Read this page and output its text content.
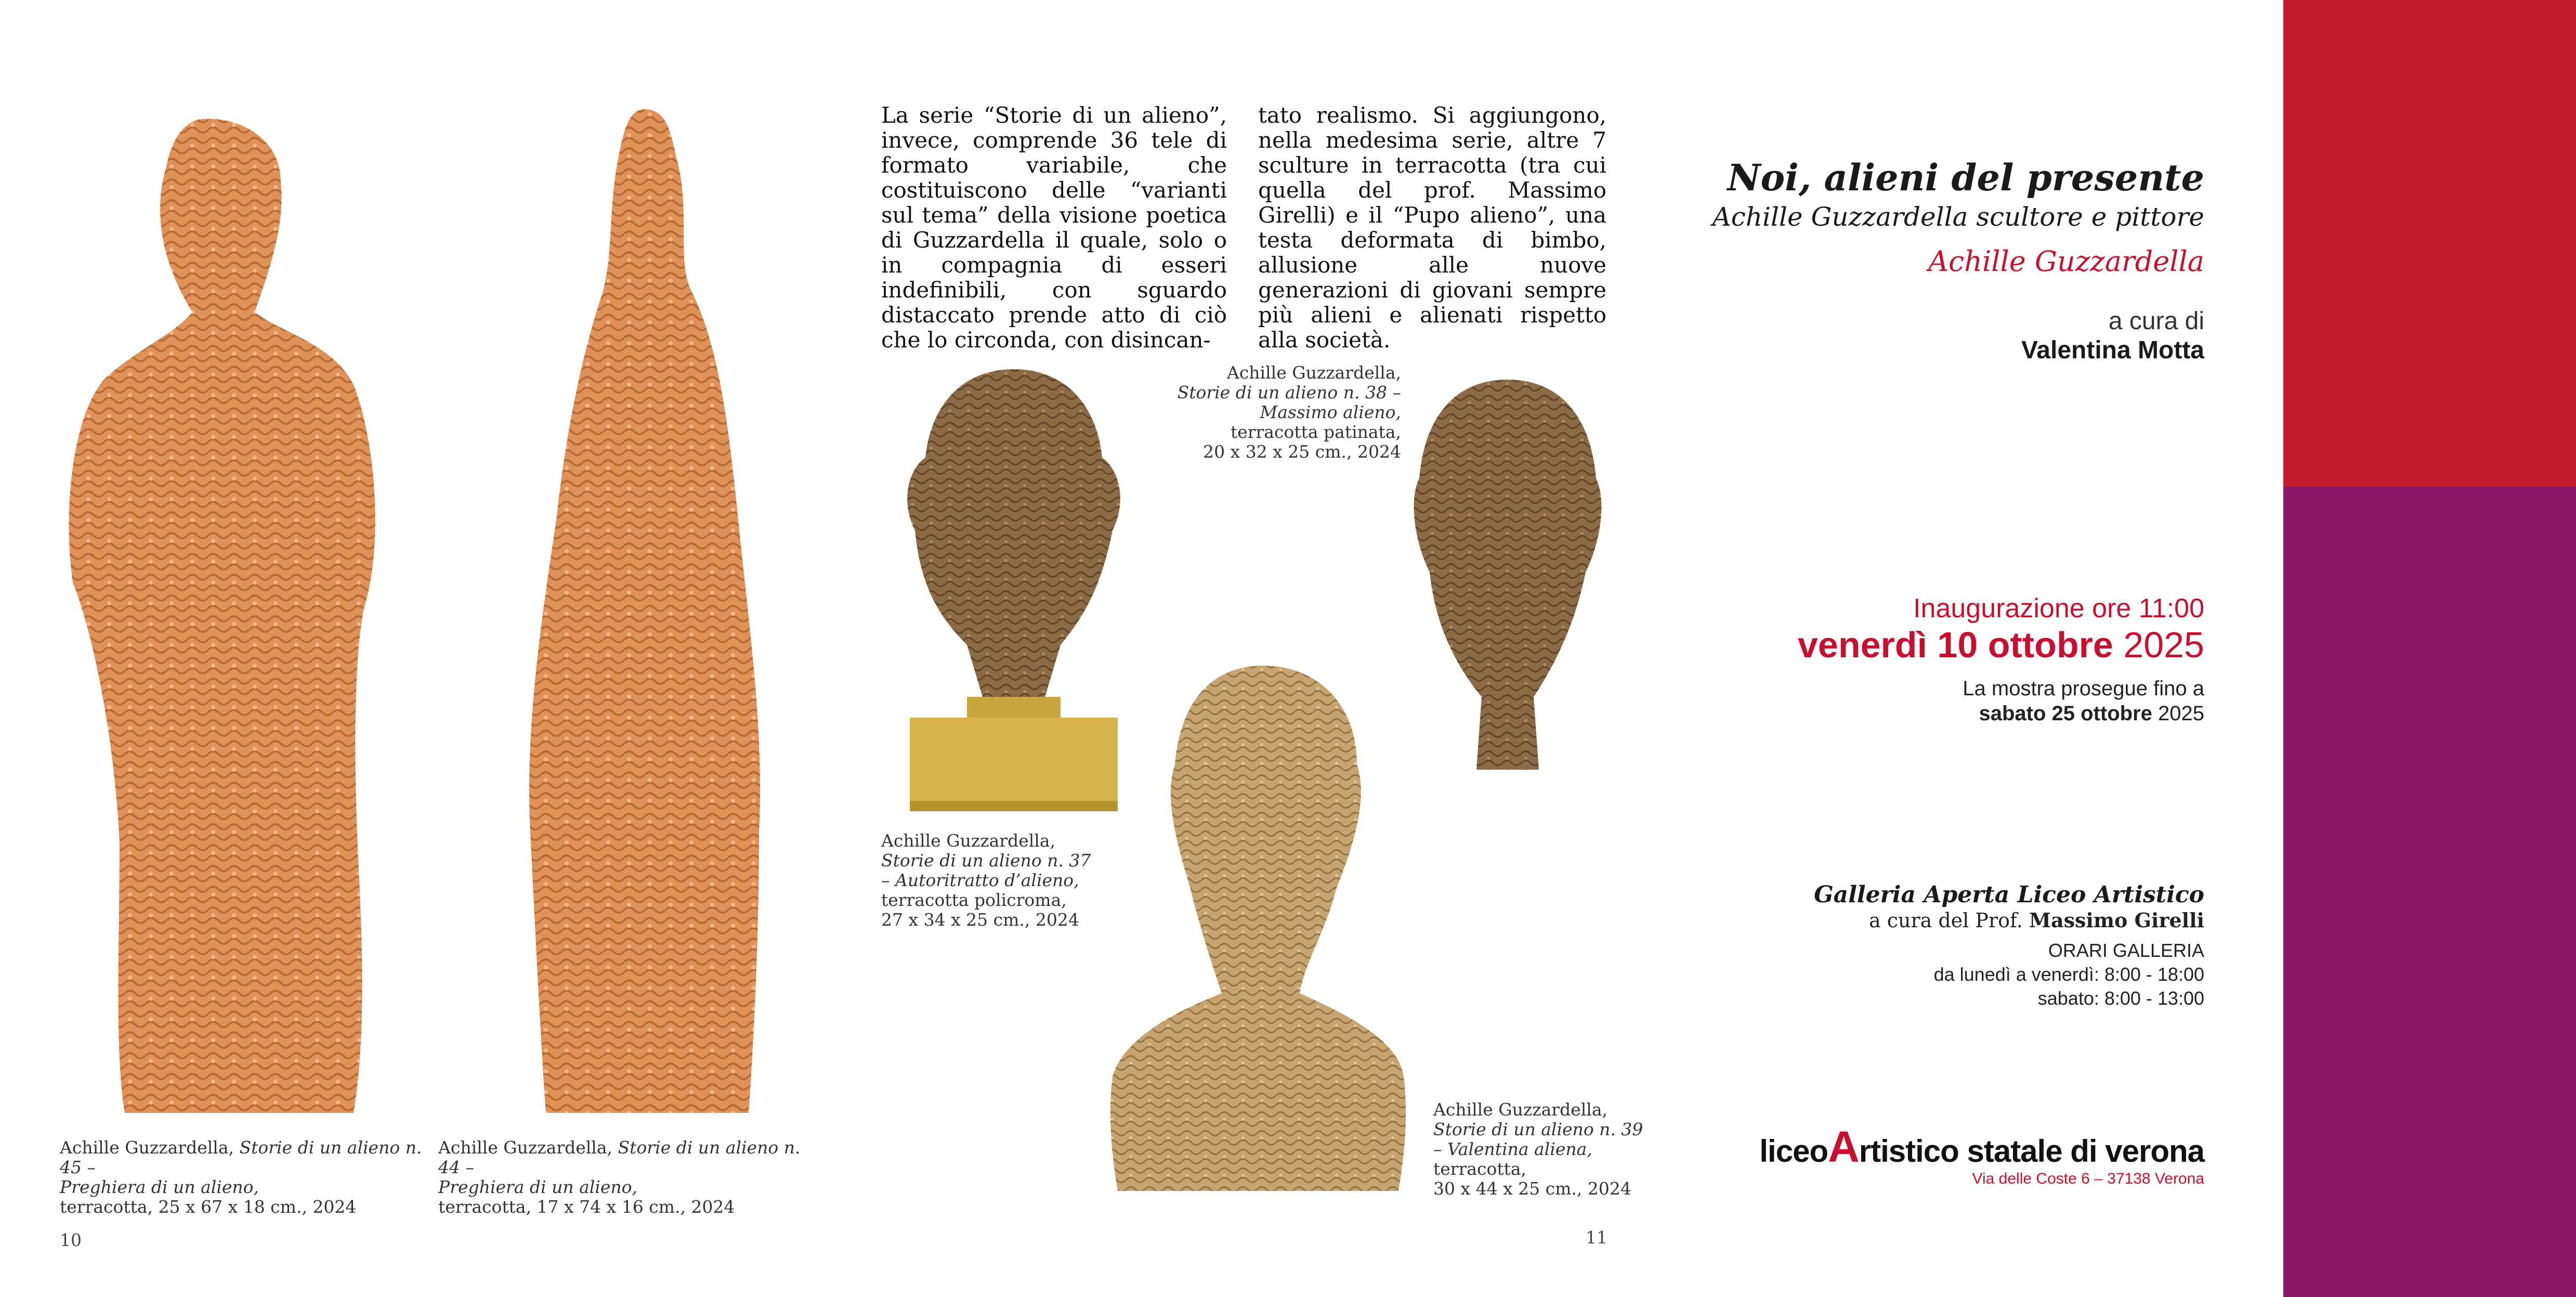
Achille Guzzardella, Storie di un alieno n. 45 –
Preghiera di un alieno,
terracotta, 25 x 67 x 18 cm., 2024
Achille Guzzardella, Storie di un alieno n. 44 –
Preghiera di un alieno,
terracotta, 17 x 74 x 16 cm., 2024
10
La serie “Storie di un alieno”, invece, comprende 36 tele di formato variabile, che costituiscono delle “varianti sul tema” della visione poetica di Guzzardella il quale, solo o in compagnia di esseri indefinibili, con sguardo distaccato prende atto di ciò che lo circonda, con disincan-
tato realismo. Si aggiungono, nella medesima serie, altre 7 sculture in terracotta (tra cui quella del prof. Massimo Girelli) e il “Pupo alieno”, una testa deformata di bimbo, allusione alle nuove generazioni di giovani sempre più alieni e alienati rispetto alla società.
Achille Guzzardella,
Storie di un alieno n. 37
– Autoritratto d’alieno,
terracotta policroma,
27 x 34 x 25 cm., 2024
Achille Guzzardella,
Storie di un alieno n. 38 –
Massimo alieno,
terracotta patinata,
20 x 32 x 25 cm., 2024
Achille Guzzardella,
Storie di un alieno n. 39
– Valentina aliena,
terracotta,
30 x 44 x 25 cm., 2024
11
Noi, alieni del presente
Achille Guzzardella scultore e pittore
Achille Guzzardella
a cura di
Valentina Motta
Inaugurazione ore 11:00
venerdì 10 ottobre 2025
La mostra prosegue fino a
sabato 25 ottobre 2025
Galleria Aperta Liceo Artistico
a cura del Prof. Massimo Girelli
ORARI GALLERIA
da lunedì a venerdì: 8:00 - 18:00
sabato: 8:00 - 13:00
liceoArtistico statale di verona
Via delle Coste 6 – 37138 Verona
